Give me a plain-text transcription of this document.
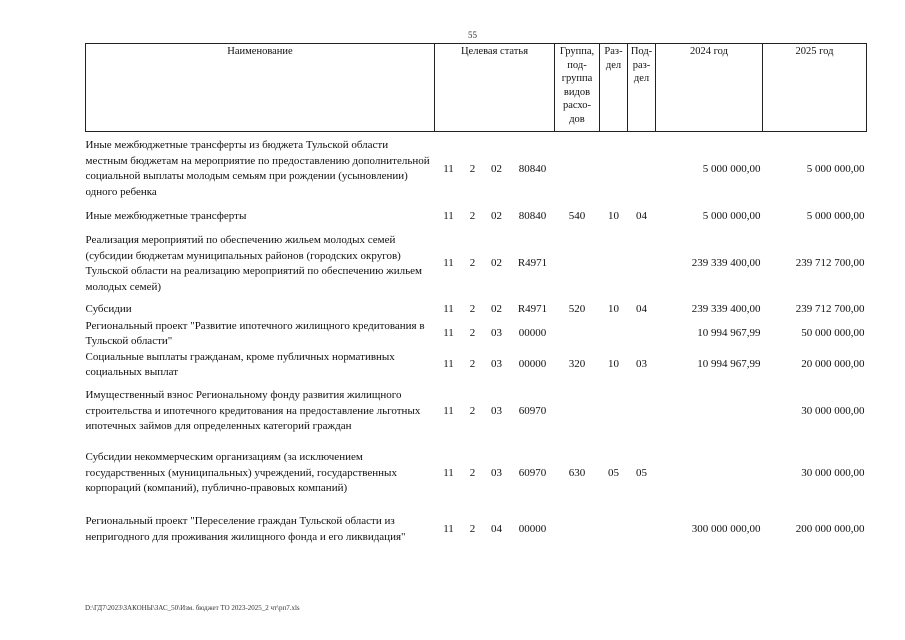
55
Наименование	Целевая статья				Группа, под- группа видов расхо- дов	Раз- дел	Под- раз- дел	2024 год	2025 год
Иные межбюджетные трансферты из бюджета Тульской области местным бюджетам на мероприятие по предоставлению дополнительной социальной выплаты молодым семьям при рождении (усыновлении) одного ребенка	11	2	02	80840				5 000 000,00	5 000 000,00
Иные межбюджетные трансферты	11	2	02	80840	540	10	04	5 000 000,00	5 000 000,00
Реализация мероприятий по обеспечению жильем молодых семей (субсидии бюджетам муниципальных районов (городских округов) Тульской области на реализацию мероприятий по обеспечению жильем молодых семей)	11	2	02	R4971				239 339 400,00	239 712 700,00
Субсидии	11	2	02	R4971	520	10	04	239 339 400,00	239 712 700,00
Региональный проект "Развитие ипотечного жилищного кредитования в Тульской области"	11	2	03	00000				10 994 967,99	50 000 000,00
Социальные выплаты гражданам, кроме публичных нормативных социальных выплат	11	2	03	00000	320	10	03	10 994 967,99	20 000 000,00
Имущественный взнос Региональному фонду развития жилищного строительства и ипотечного кредитования на предоставление льготных ипотечных займов для определенных категорий граждан	11	2	03	60970					30 000 000,00
Субсидии некоммерческим организациям (за исключением государственных (муниципальных) учреждений, государственных корпораций (компаний), публично-правовых компаний)	11	2	03	60970	630	05	05		30 000 000,00
Региональный проект "Переселение граждан Тульской области из непригодного для проживания жилищного фонда и его ликвидация"	11	2	04	00000				300 000 000,00	200 000 000,00
D:\ГД7\2023\ЗАКОНЫ\ЗАС_50\Изм. бюджет ТО 2023-2025_2 чт\рп7.xls
